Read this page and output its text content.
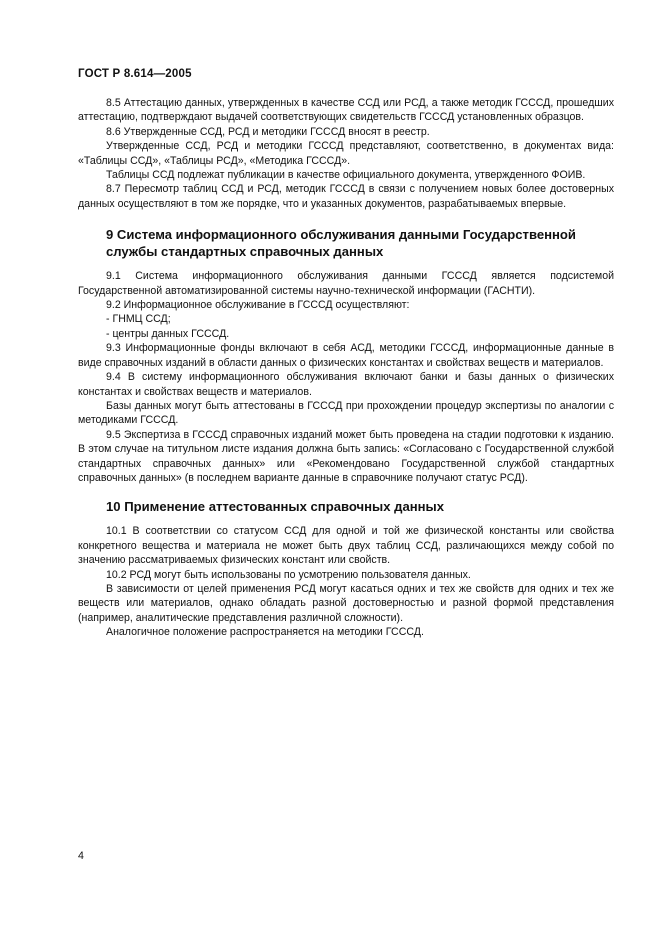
ГОСТ Р 8.614—2005

8.5 Аттестацию данных, утвержденных в качестве ССД или РСД, а также методик ГСССД, прошедших аттестацию, подтверждают выдачей соответствующих свидетельств ГСССД установленных образцов.

8.6 Утвержденные ССД, РСД и методики ГСССД вносят в реестр.

Утвержденные ССД, РСД и методики ГСССД представляют, соответственно, в документах вида: «Таблицы ССД», «Таблицы РСД», «Методика ГСССД».

Таблицы ССД подлежат публикации в качестве официального документа, утвержденного ФОИВ.

8.7 Пересмотр таблиц ССД и РСД, методик ГСССД в связи с получением новых более достоверных данных осуществляют в том же порядке, что и указанных документов, разрабатываемых впервые.

9 Система информационного обслуживания данными Государственной службы стандартных справочных данных

9.1 Система информационного обслуживания данными ГСССД является подсистемой Государственной автоматизированной системы научно-технической информации (ГАСНТИ).

9.2 Информационное обслуживание в ГСССД осуществляют:

- ГНМЦ ССД;

- центры данных ГСССД.

9.3 Информационные фонды включают в себя АСД, методики ГСССД, информационные данные в виде справочных изданий в области данных о физических константах и свойствах веществ и материалов.

9.4 В систему информационного обслуживания включают банки и базы данных о физических константах и свойствах веществ и материалов.

Базы данных могут быть аттестованы в ГСССД при прохождении процедур экспертизы по аналогии с методиками ГСССД.

9.5 Экспертиза в ГСССД справочных изданий может быть проведена на стадии подготовки к изданию. В этом случае на титульном листе издания должна быть запись: «Согласовано с Государственной службой стандартных справочных данных» или «Рекомендовано Государственной службой стандартных справочных данных» (в последнем варианте данные в справочнике получают статус РСД).

10 Применение аттестованных справочных данных

10.1 В соответствии со статусом ССД для одной и той же физической константы или свойства конкретного вещества и материала не может быть двух таблиц ССД, различающихся между собой по значению рассматриваемых физических констант или свойств.

10.2 РСД могут быть использованы по усмотрению пользователя данных.

В зависимости от целей применения РСД могут касаться одних и тех же свойств для одних и тех же веществ или материалов, однако обладать разной достоверностью и разной формой представления (например, аналитические представления различной сложности).

Аналогичное положение распространяется на методики ГСССД.

4
